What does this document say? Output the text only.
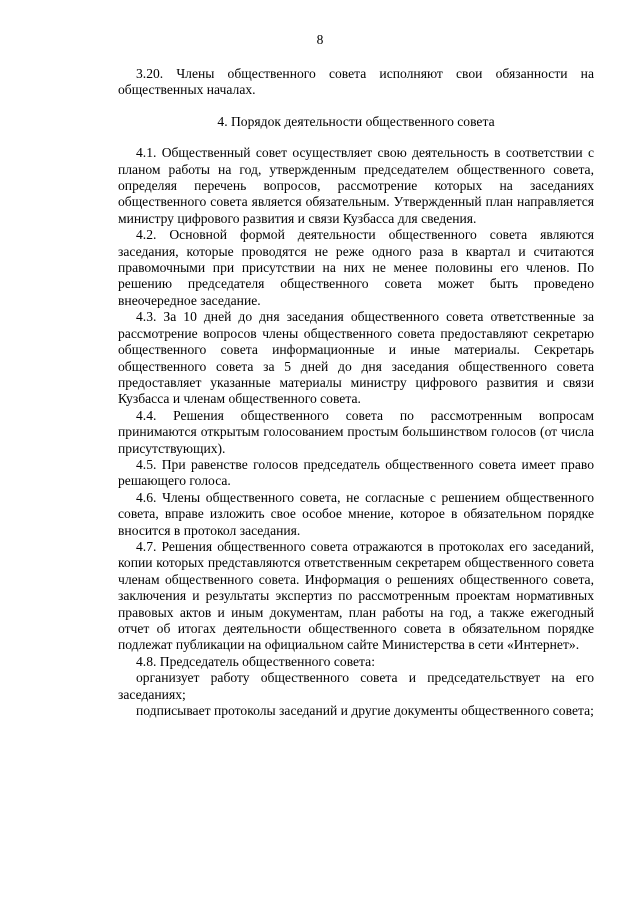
8

3.20. Члены общественного совета исполняют свои обязанности на общественных началах.

4. Порядок деятельности общественного совета

4.1. Общественный совет осуществляет свою деятельность в соответствии с планом работы на год, утвержденным председателем общественного совета, определяя перечень вопросов, рассмотрение которых на заседаниях общественного совета является обязательным. Утвержденный план направляется министру цифрового развития и связи Кузбасса для сведения.

4.2. Основной формой деятельности общественного совета являются заседания, которые проводятся не реже одного раза в квартал и считаются правомочными при присутствии на них не менее половины его членов. По решению председателя общественного совета может быть проведено внеочередное заседание.

4.3. За 10 дней до дня заседания общественного совета ответственные за рассмотрение вопросов члены общественного совета предоставляют секретарю общественного совета информационные и иные материалы. Секретарь общественного совета за 5 дней до дня заседания общественного совета предоставляет указанные материалы министру цифрового развития и связи Кузбасса и членам общественного совета.

4.4. Решения общественного совета по рассмотренным вопросам принимаются открытым голосованием простым большинством голосов (от числа присутствующих).

4.5. При равенстве голосов председатель общественного совета имеет право решающего голоса.

4.6. Члены общественного совета, не согласные с решением общественного совета, вправе изложить свое особое мнение, которое в обязательном порядке вносится в протокол заседания.

4.7. Решения общественного совета отражаются в протоколах его заседаний, копии которых представляются ответственным секретарем общественного совета членам общественного совета. Информация о решениях общественного совета, заключения и результаты экспертиз по рассмотренным проектам нормативных правовых актов и иным документам, план работы на год, а также ежегодный отчет об итогах деятельности общественного совета в обязательном порядке подлежат публикации на официальном сайте Министерства в сети «Интернет».

4.8. Председатель общественного совета:

организует работу общественного совета и председательствует на его заседаниях;

подписывает протоколы заседаний и другие документы общественного совета;
